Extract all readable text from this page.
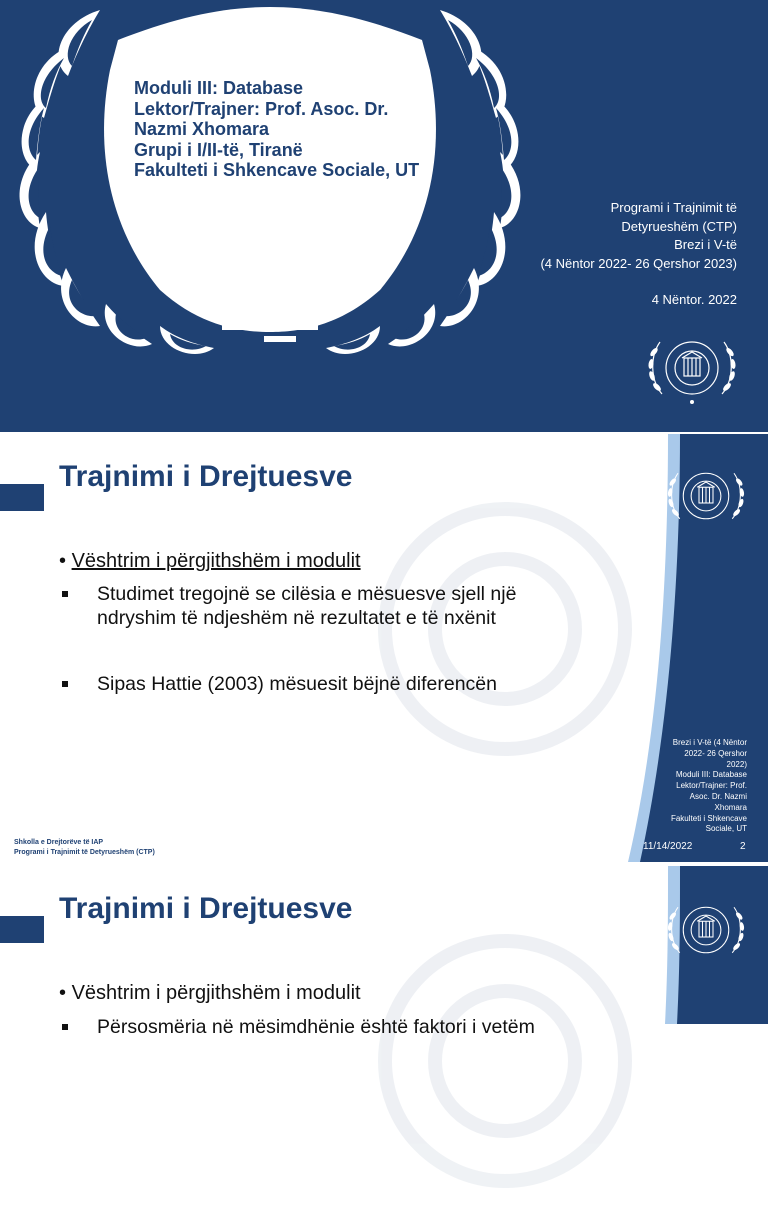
Moduli III: Database
Lektor/Trajner: Prof. Asoc. Dr.
Nazmi Xhomara
Grupi i I/II-të, Tiranë
Fakulteti i Shkencave Sociale, UT
Programi i Trajnimit të
Detyrueshëm (CTP)
Brezi i V-të
(4 Nëntor 2022- 26 Qershor 2023)
4 Nëntor. 2022
Trajnimi i Drejtuesve
• Vështrim i përgjithshëm i modulit
Studimet tregojnë se cilësia e mësuesve sjell një
ndryshim të ndjeshëm në rezultatet e të nxënit
Sipas Hattie (2003) mësuesit bëjnë diferencën
Brezi i V-të (4 Nëntor
2022- 26 Qershor
2022)
Moduli III: Database
Lektor/Trajner: Prof.
Asoc. Dr. Nazmi
Xhomara
Fakulteti i Shkencave
Sociale, UT
Shkolla e Drejtorëve të IAP
Programi i Trajnimit të Detyrueshëm (CTP)
11/14/2022	2
Trajnimi i Drejtuesve
• Vështrim i përgjithshëm i modulit
Përsosmëria në mësimdhënie është faktori i vetëm
